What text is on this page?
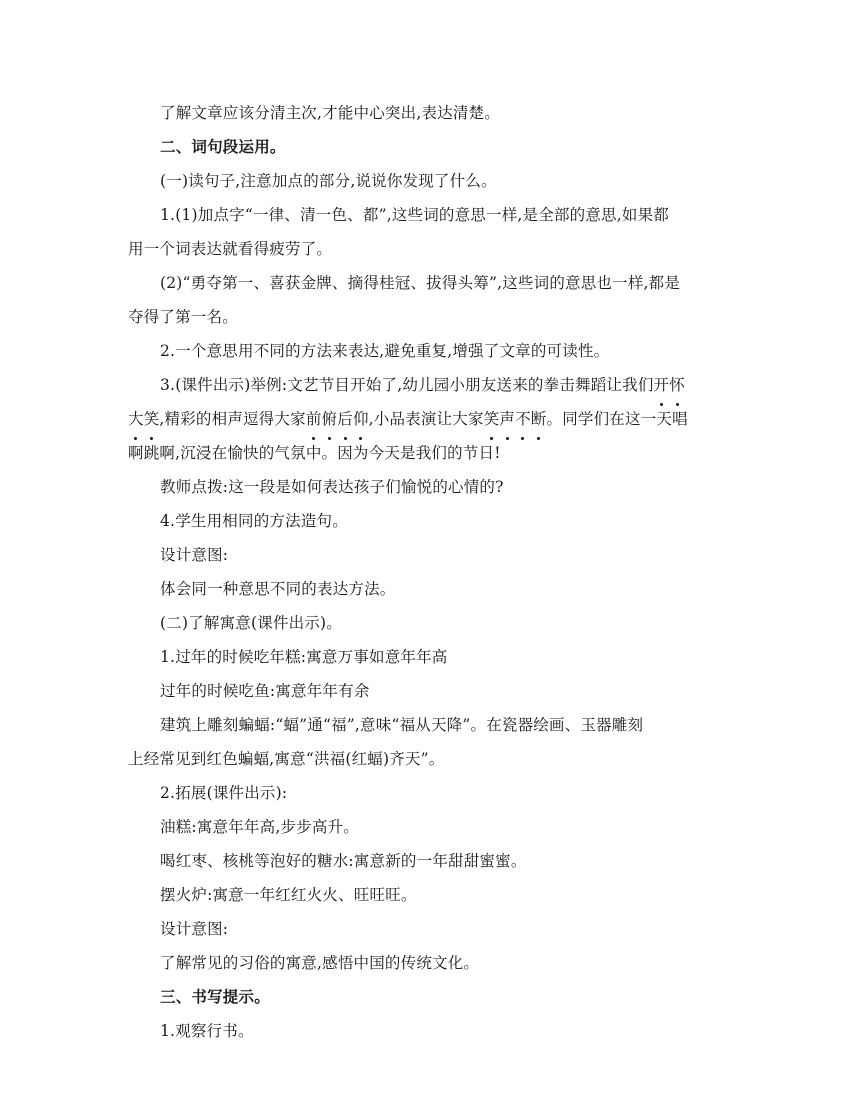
了解文章应该分清主次,才能中心突出,表达清楚。
二、词句段运用。
(一)读句子,注意加点的部分,说说你发现了什么。
1.(1)加点字“一律、清一色、都”,这些词的意思一样,是全部的意思,如果都
用一个词表达就看得疲劳了。
(2)“勇夺第一、喜获金牌、摘得桂冠、拔得头筹”,这些词的意思也一样,都是
夺得了第一名。
2.一个意思用不同的方法来表达,避免重复,增强了文章的可读性。
3.(课件出示)举例:文艺节目开始了,幼儿园小朋友送来的拳击舞蹈让我们开怀
大笑,精彩的相声逗得大家前俯后仰,小品表演让大家笑声不断。同学们在这一天唱
啊跳啊,沉浸在愉快的气氛中。因为今天是我们的节日!
教师点拨:这一段是如何表达孩子们愉悦的心情的?
4.学生用相同的方法造句。
设计意图:
体会同一种意思不同的表达方法。
(二)了解寓意(课件出示)。
1.过年的时候吃年糕:寓意万事如意年年高
过年的时候吃鱼:寓意年年有余
建筑上雕刻蝙蝠:“蝠”通“福”,意味“福从天降”。在瓷器绘画、玉器雕刻
上经常见到红色蝙蝠,寓意“洪福(红蝠)齐天”。
2.拓展(课件出示):
油糕:寓意年年高,步步高升。
喝红枣、核桃等泡好的糖水:寓意新的一年甜甜蜜蜜。
摆火炉:寓意一年红红火火、旺旺旺。
设计意图:
了解常见的习俗的寓意,感悟中国的传统文化。
三、书写提示。
1.观察行书。
